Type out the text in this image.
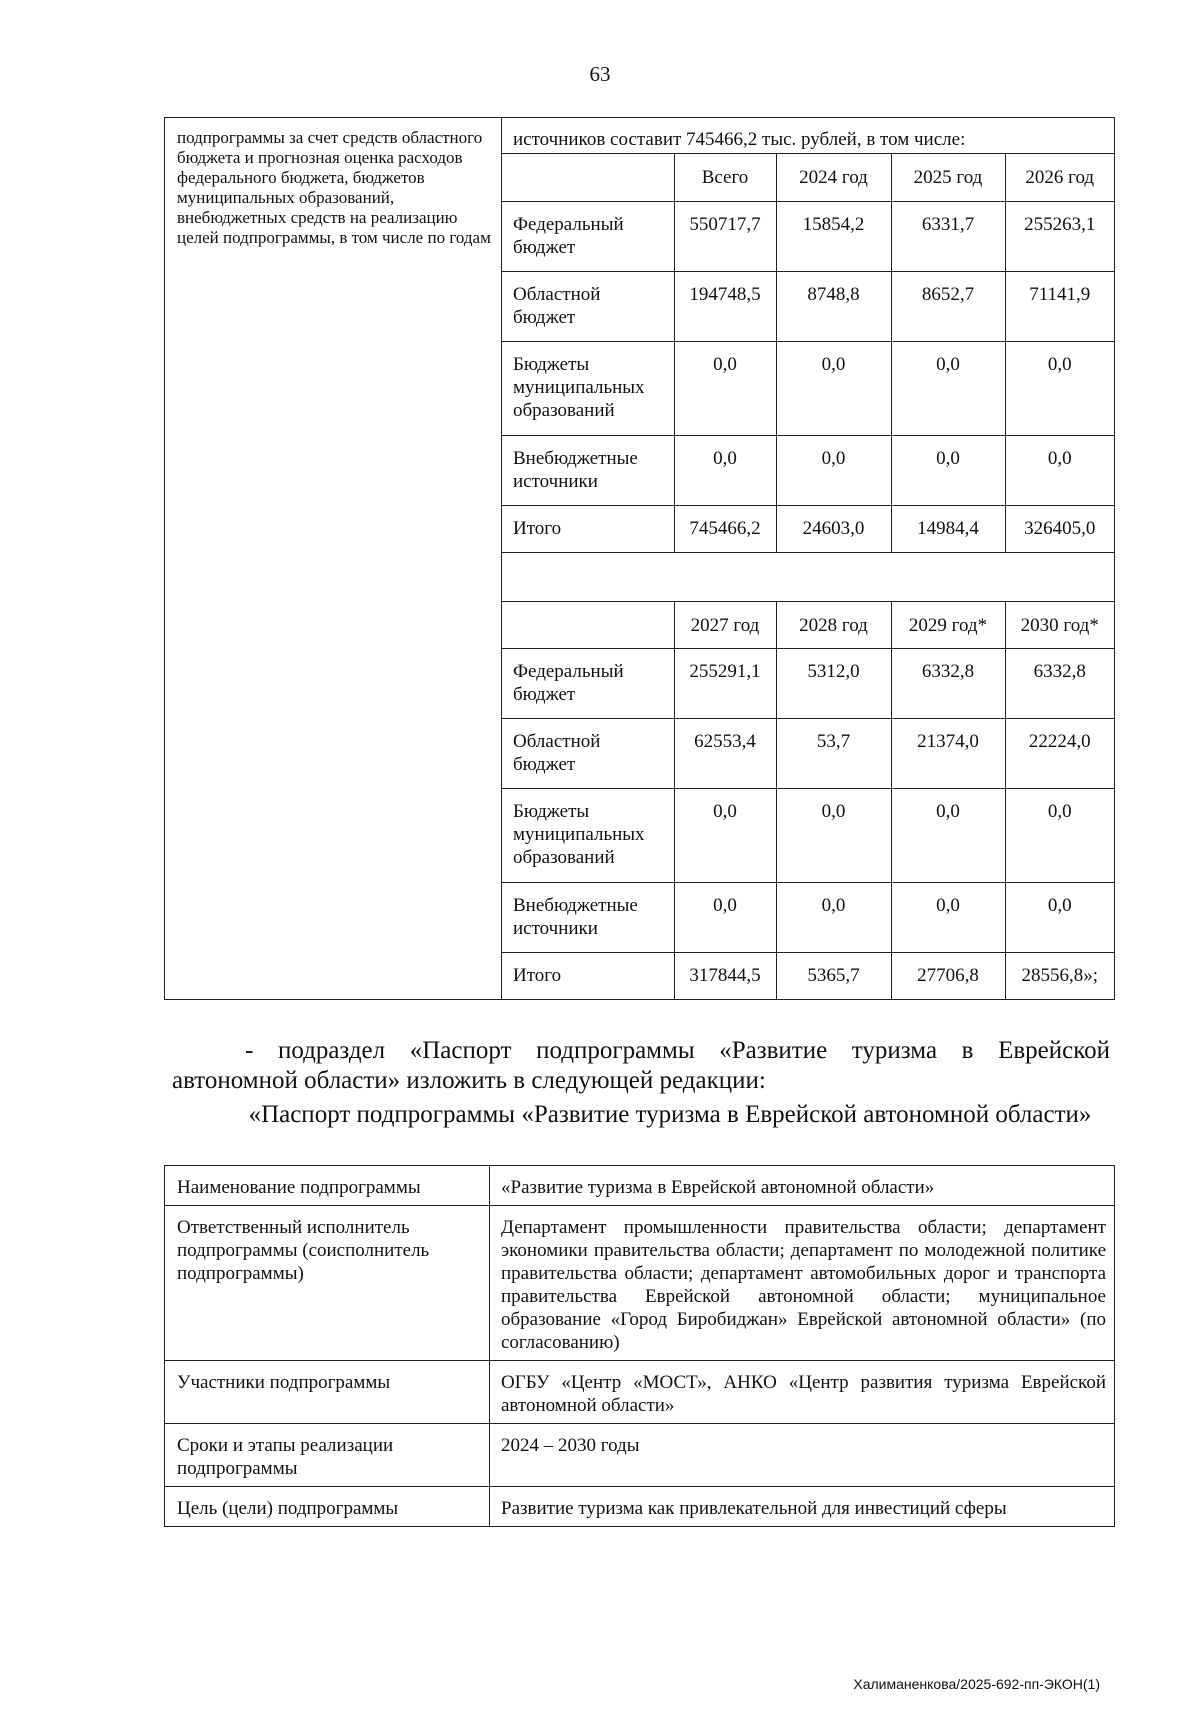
63
подпрограммы за счет средств областного бюджета и прогнозная оценка расходов федерального бюджета, бюджетов муниципальных образований, внебюджетных средств на реализацию целей подпрограммы, в том числе по годам	
источников составит 745466,2 тыс. рублей, в том числе:
	Всего	2024 год	2025 год	2026 год
Федеральный бюджет	550717,7	15854,2	6331,7	255263,1
Областной бюджет	194748,5	8748,8	8652,7	71141,9
Бюджеты муниципальных образований	0,0	0,0	0,0	0,0
Внебюджетные источники	0,0	0,0	0,0	0,0
Итого	745466,2	24603,0	14984,4	326405,0

	2027 год	2028 год	2029 год*	2030 год*
Федеральный бюджет	255291,1	5312,0	6332,8	6332,8
Областной бюджет	62553,4	53,7	21374,0	22224,0
Бюджеты муниципальных образований	0,0	0,0	0,0	0,0
Внебюджетные источники	0,0	0,0	0,0	0,0
Итого	317844,5	5365,7	27706,8	28556,8»;
- подраздел «Паспорт подпрограммы «Развитие туризма в Еврейской автономной области» изложить в следующей редакции:
«Паспорт подпрограммы «Развитие туризма в Еврейской автономной области»
Наименование подпрограммы	«Развитие туризма в Еврейской автономной области»
Ответственный исполнитель подпрограммы (соисполнитель подпрограммы)	Департамент промышленности правительства области; департамент экономики правительства области; департамент по молодежной политике правительства области; департамент автомобильных дорог и транспорта правительства Еврейской автономной области; муниципальное образование «Город Биробиджан» Еврейской автономной области» (по согласованию)
Участники подпрограммы	ОГБУ «Центр «МОСТ», АНКО «Центр развития туризма Еврейской автономной области»
Сроки и этапы реализации подпрограммы	2024 – 2030 годы
Цель (цели) подпрограммы	Развитие туризма как привлекательной для инвестиций сферы
Халиманенкова/2025-692-пп-ЭКОН(1)
